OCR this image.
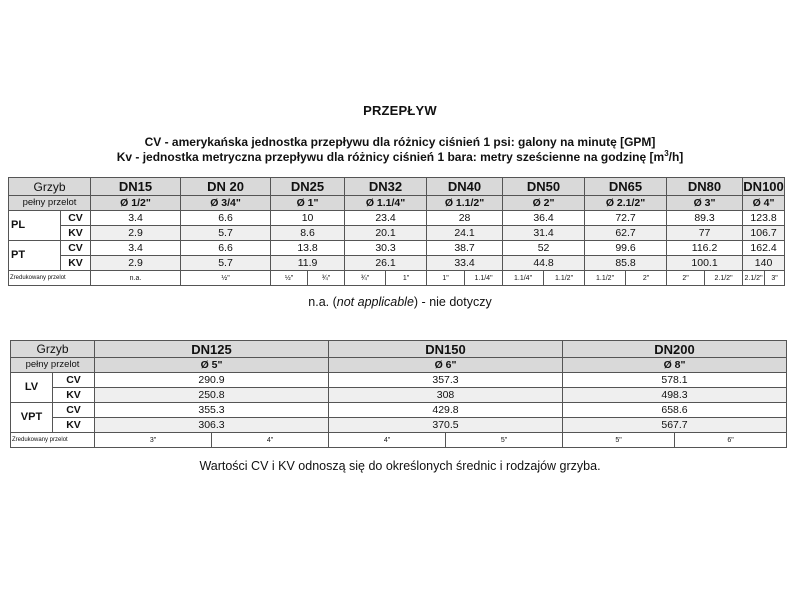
PRZEPŁYW
CV - amerykańska jednostka przepływu dla różnicy ciśnień 1 psi: galony na minutę [GPM]
Kv - jednostka metryczna przepływu dla różnicy ciśnień 1 bara: metry sześcienne na godzinę $[m^3/h]$
Grzyb		DN15	DN 20	DN25		DN32		DN40		DN50		DN65		DN80		DN100	
pełny przelot		Ø 1/2"	Ø 3/4"	Ø 1"		Ø 1.1/4"		Ø 1.1/2"		Ø 2"		Ø 2.1/2"		Ø 3"		Ø 4"	
PL	CV	3.4	6.6	10		23.4		28		36.4		72.7		89.3		123.8	
	KV	2.9	5.7	8.6		20.1		24.1		31.4		62.7		77		106.7	
PT	CV	3.4	6.6	13.8		30.3		38.7		52		99.6		116.2		162.4	
	KV	2.9	5.7	11.9		26.1		33.4		44.8		85.8		100.1		140	
Zredukowany przelot		n.a.	½"	½"	¾"	¾"	1"	1"	1.1/4"	1.1/4"	1.1/2"	1.1/2"	2"	2"	2.1/2"	2.1/2"	3"
n.a. (not applicable) - nie dotyczy
Grzyb		DN125		DN150		DN200	
pełny przelot		Ø 5"		Ø 6"		Ø 8"	
LV	CV	290.9		357.3		578.1	
	KV	250.8		308		498.3	
VPT	CV	355.3		429.8		658.6	
	KV	306.3		370.5		567.7	
Zredukowany przelot		3"	4"	4"	5"	5"	6"
Wartości CV i KV odnoszą się do określonych średnic i rodzajów grzyba.
